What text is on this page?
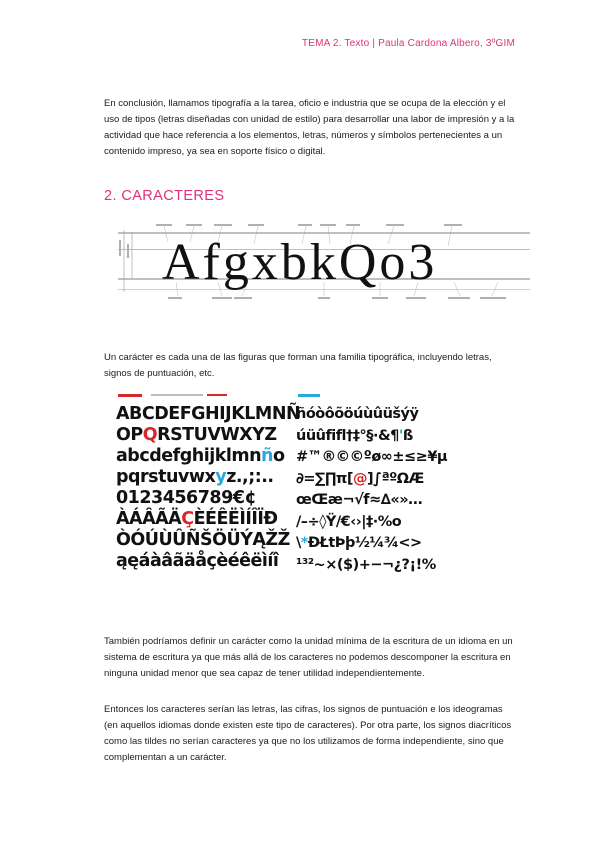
TEMA 2. Texto | Paula Cardona Albero, 3ºGIM

En conclusión, llamamos tipografía a la tarea, oficio e industria que se ocupa de la elección y el uso de tipos (letras diseñadas con unidad de estilo) para desarrollar una labor de impresión y a la actividad que hace referencia a los elementos, letras, números y símbolos pertenecientes a un contenido impreso, ya sea en soporte físico o digital.

2. CARACTERES
AfgxbkQo3

Un carácter es cada una de las figuras que forman una familia tipográfica, incluyendo letras, signos de puntuación, etc.

ABCDEFGHIJKLMNÑ
OPQRSTUVWXYZ
abcdefghijklmnño
pqrstuvwxyz.,;:..
0123456789€¢
ÀÁÂÃÄÇÈÉÊËÌÍÎÏÐ
ÒÓÚÙÛÑŠÖÜÝĄŽŽ
ąęáàâãäåçèéêëìíî
ñóòôõöúùûüšýÿ
úüûfifl†‡°§·&¶'ß
#™®©©ºø∞±≤≥¥µ
∂=∑∏π[@]∫ªºΩÆ
œŒæ¬√f≈∆«»…
/–÷◊Ÿ/€‹›|‡·%o
\*ÐŁtÞþ½¼¾<>
¹³²~×($)+−¬¿?¡!%

También podríamos definir un carácter como la unidad mínima de la escritura de un idioma en un sistema de escritura ya que más allá de los caracteres no podemos descomponer la escritura en ninguna unidad menor que sea capaz de tener utilidad independientemente.

Entonces los caracteres serían las letras, las cifras, los signos de puntuación e los ideogramas (en aquellos idiomas donde existen este tipo de caracteres). Por otra parte, los signos diacríticos como las tildes no serían caracteres ya que no los utilizamos de forma independiente, sino que complementan a un carácter.
